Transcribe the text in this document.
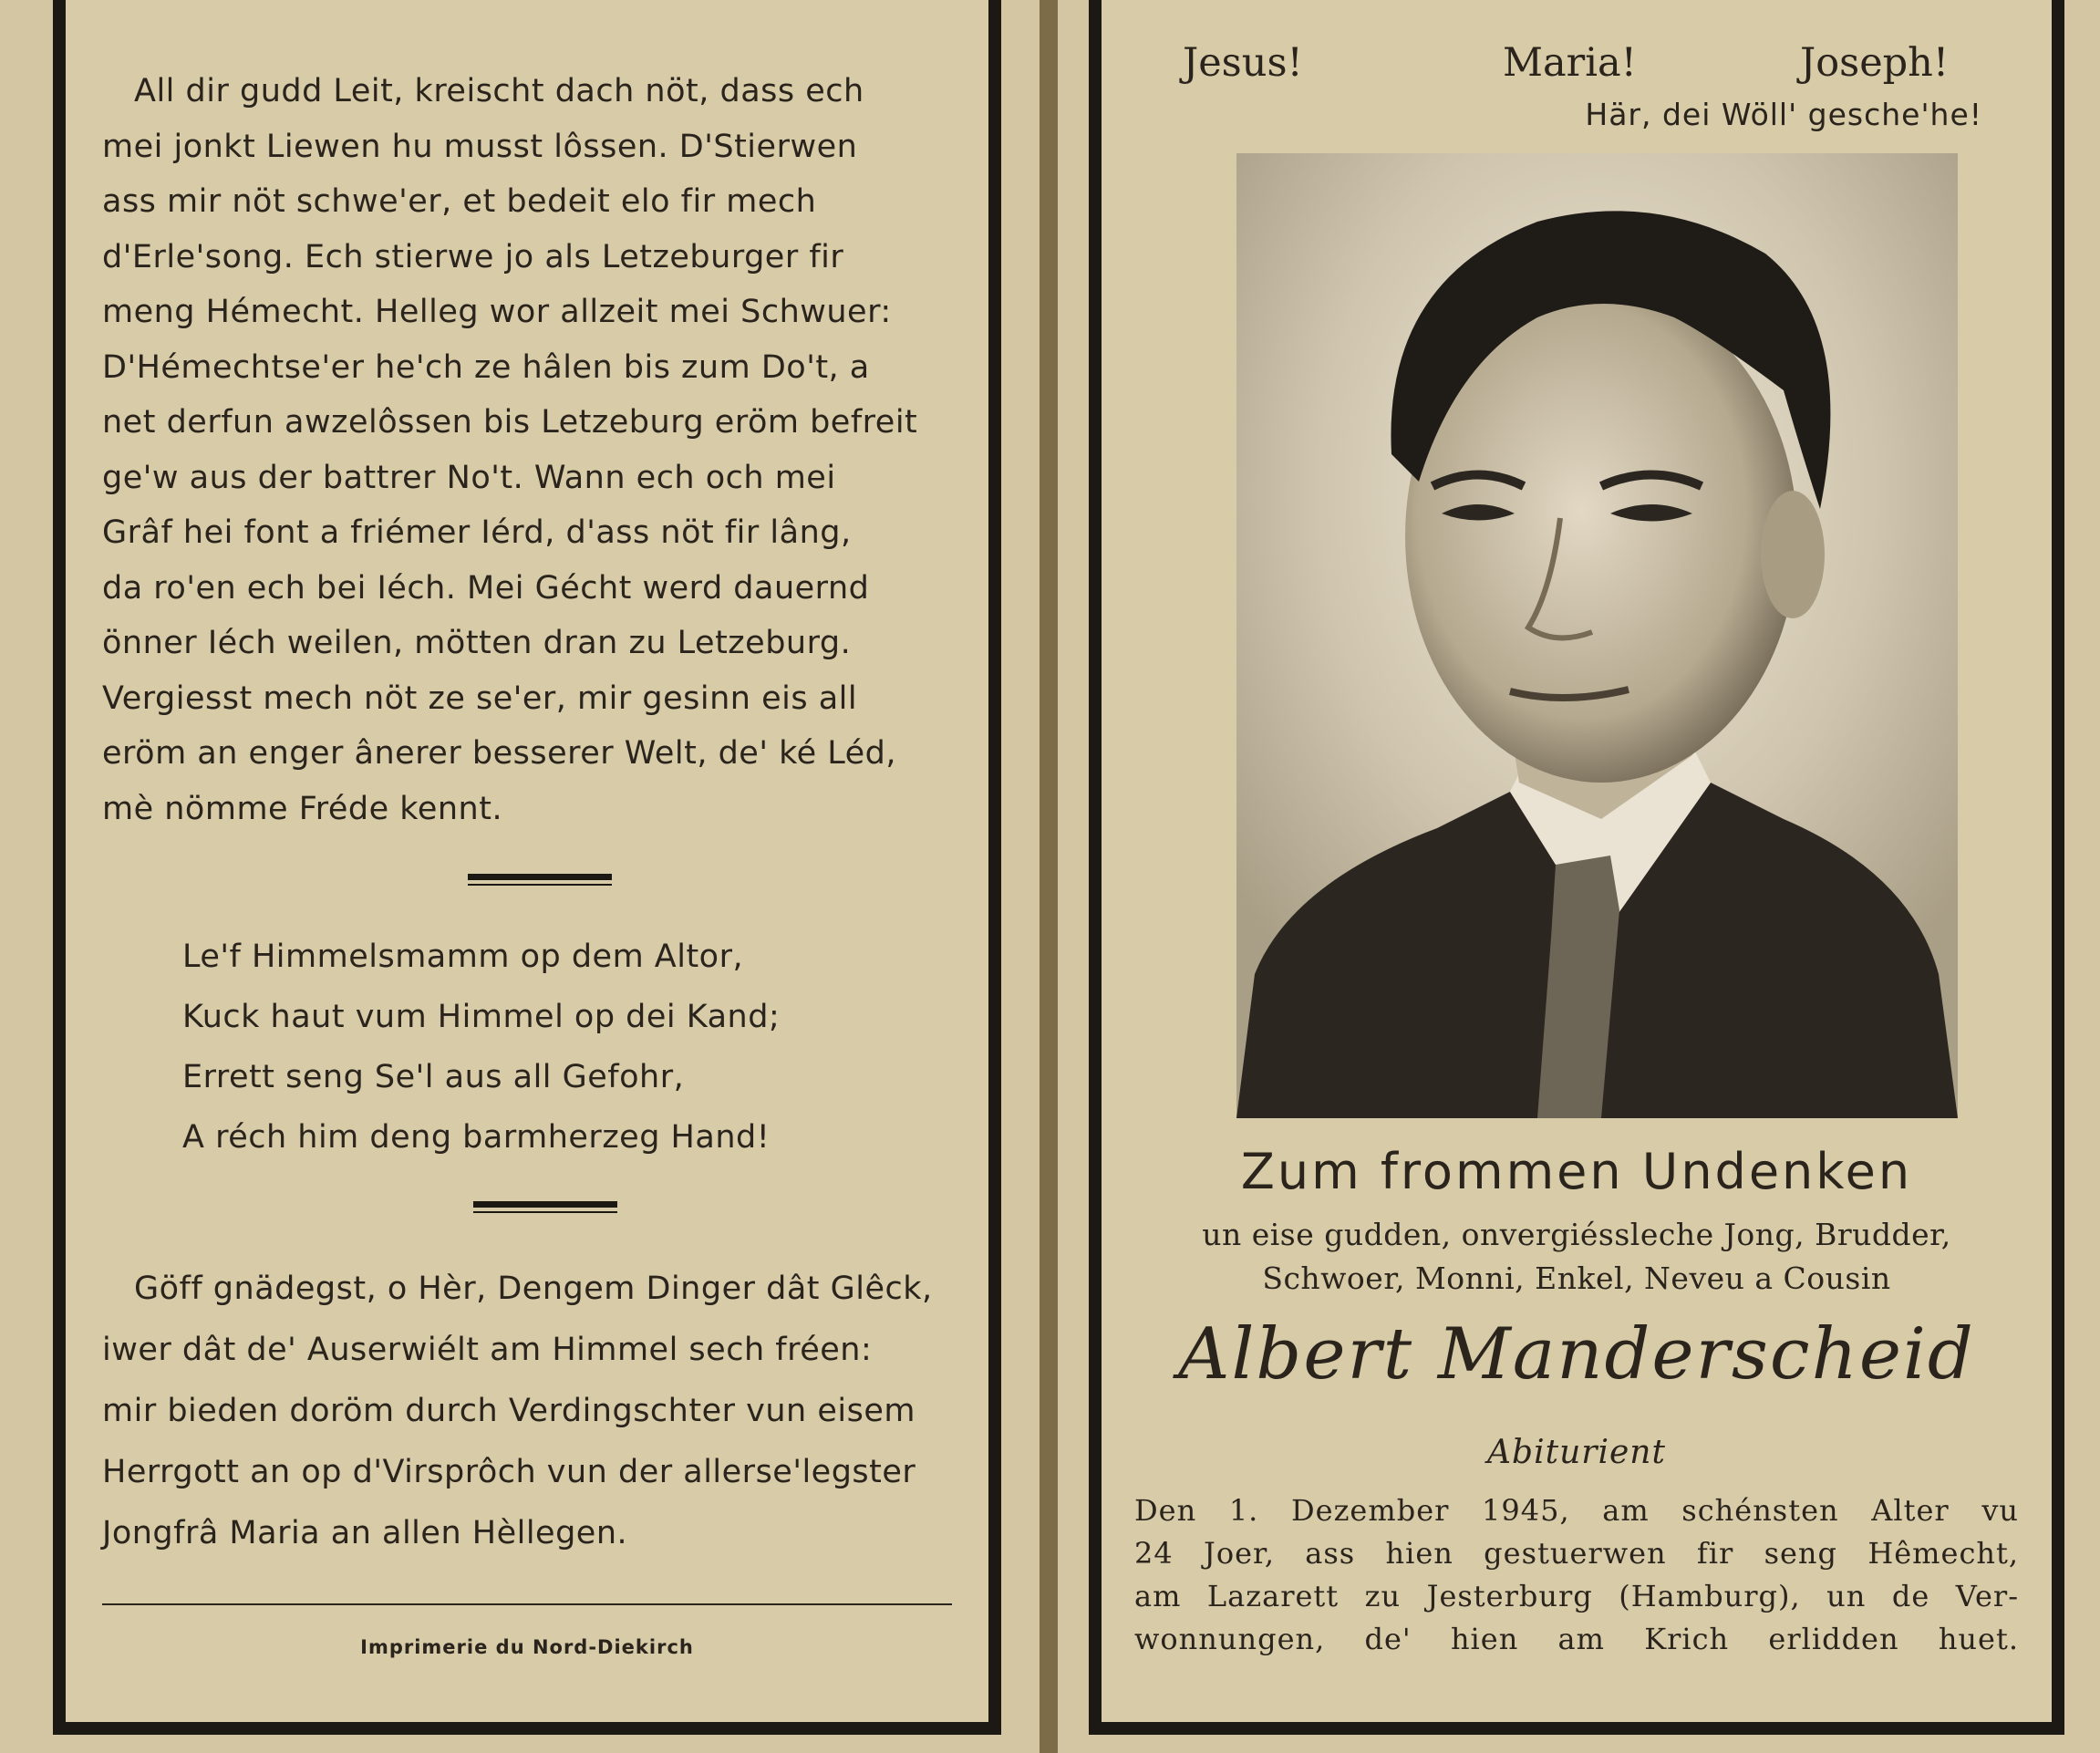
All dir gudd Leit, kreischt dach nöt, dass ech

mei jonkt Liewen hu musst lôssen. D'Stierwen

ass mir nöt schwe'er, et bedeit elo fir mech

d'Erle'song. Ech stierwe jo als Letzeburger fir

meng Hémecht. Helleg wor allzeit mei Schwuer:

D'Hémechtse'er he'ch ze hâlen bis zum Do't, a

net derfun awzelôssen bis Letzeburg eröm befreit

ge'w aus der battrer No't. Wann ech och mei

Grâf hei font a friémer Iérd, d'ass nöt fir lâng,

da ro'en ech bei Iéch. Mei Gécht werd dauernd

önner Iéch weilen, mötten dran zu Letzeburg.

Vergiesst mech nöt ze se'er, mir gesinn eis all

eröm an enger ânerer besserer Welt, de' ké Léd,

mè nömme Fréde kennt.

Le'f Himmelsmamm op dem Altor,
Kuck haut vum Himmel op dei Kand;
Errett seng Se'l aus all Gefohr,
A réch him deng barmherzeg Hand!

Göff gnädegst, o Hèr, Dengem Dinger dât Glêck,

iwer dât de' Auserwiélt am Himmel sech fréen:

mir bieden doröm durch Verdingschter vun eisem

Herrgott an op d'Virsprôch vun der allerse'legster

Jongfrâ Maria an allen Hèllegen.

Imprimerie du Nord-Diekirch
Jesus!	Maria!	Joseph!
Här, dei Wöll' gesche'he!
Zum frommen Undenken
un eise gudden, onvergiéssleche Jong, Brudder,
Schwoer, Monni, Enkel, Neveu a Cousin
Albert Manderscheid
Abiturient
Den 1. Dezember 1945, am schénsten Alter vu
24 Joer, ass hien gestuerwen fir seng Hêmecht,
am Lazarett zu Jesterburg (Hamburg), un de Ver-
wonnungen, de' hien am Krich erlidden huet.
